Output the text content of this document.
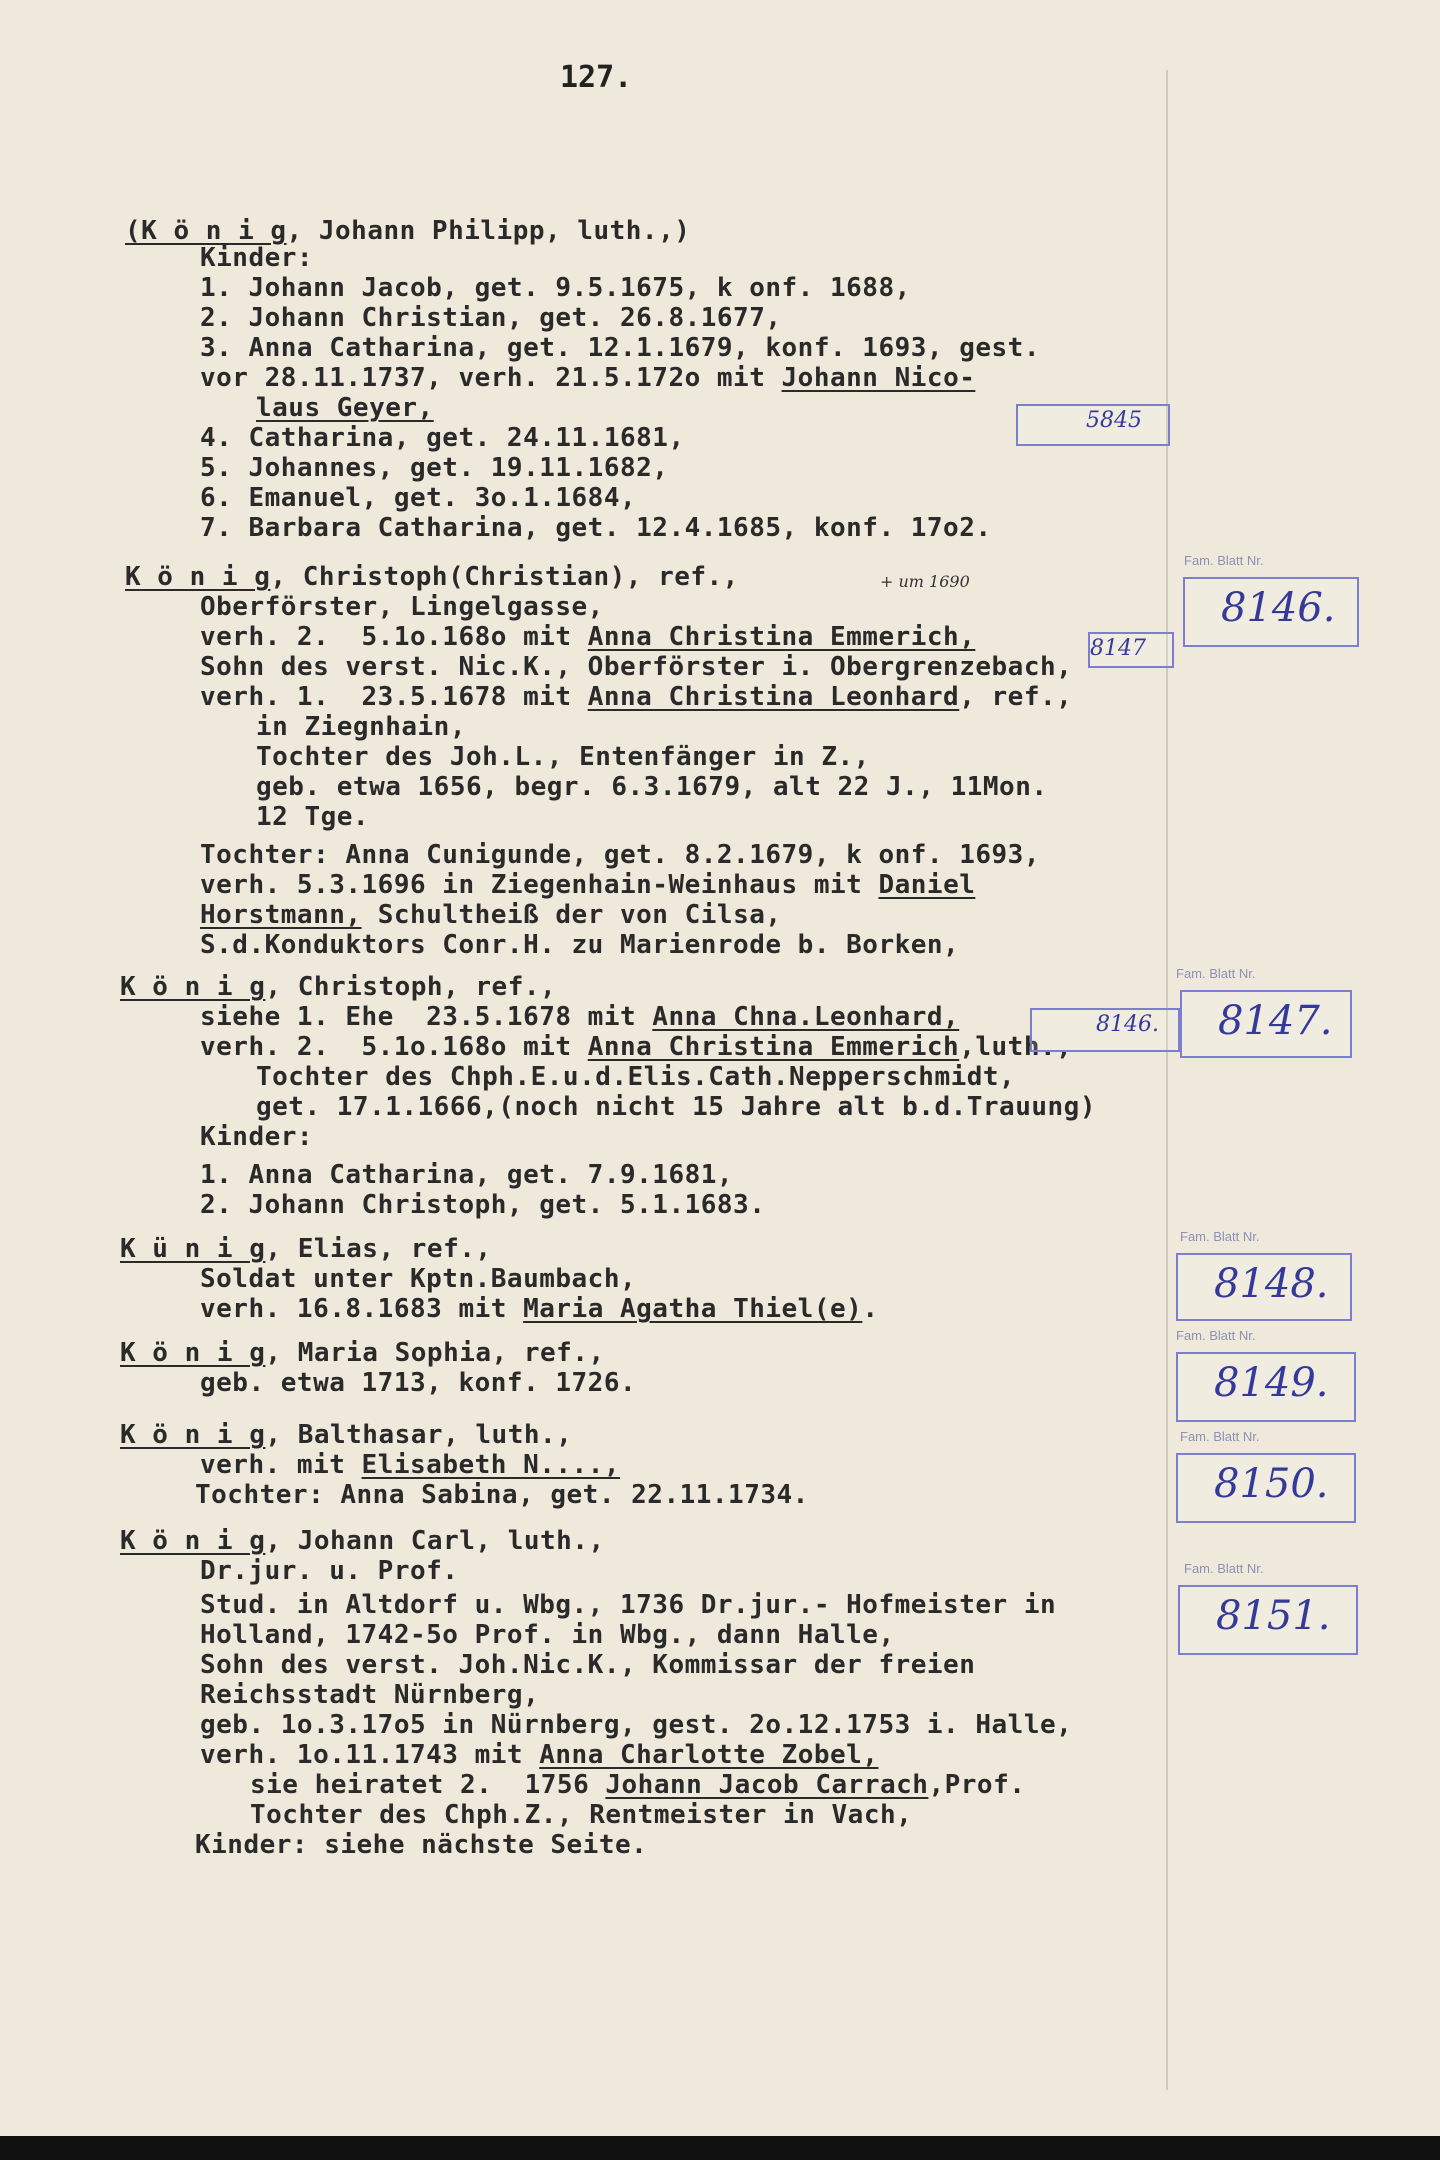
127.
(K ö n i g, Johann Philipp, luth.,)
Kinder:
1. Johann Jacob, get. 9.5.1675, k onf. 1688,
2. Johann Christian, get. 26.8.1677,
3. Anna Catharina, get. 12.1.1679, konf. 1693, gest.
vor 28.11.1737, verh. 21.5.172o mit Johann Nico-
laus Geyer,
4. Catharina, get. 24.11.1681,
5. Johannes, get. 19.11.1682,
6. Emanuel, get. 3o.1.1684,
7. Barbara Catharina, get. 12.4.1685, konf. 17o2.
K ö n i g, Christoph(Christian), ref.,
Oberförster, Lingelgasse,
verh. 2.  5.1o.168o mit Anna Christina Emmerich,
Sohn des verst. Nic.K., Oberförster i. Obergrenzebach,
verh. 1.  23.5.1678 mit Anna Christina Leonhard, ref.,
in Ziegnhain,
Tochter des Joh.L., Entenfänger in Z.,
geb. etwa 1656, begr. 6.3.1679, alt 22 J., 11Mon.
12 Tge.
Tochter: Anna Cunigunde, get. 8.2.1679, k onf. 1693,
verh. 5.3.1696 in Ziegenhain-Weinhaus mit Daniel
Horstmann, Schultheiß der von Cilsa,
S.d.Konduktors Conr.H. zu Marienrode b. Borken,
K ö n i g, Christoph, ref.,
siehe 1. Ehe  23.5.1678 mit Anna Chna.Leonhard,
verh. 2.  5.1o.168o mit Anna Christina Emmerich,luth.,
Tochter des Chph.E.u.d.Elis.Cath.Nepperschmidt,
get. 17.1.1666,(noch nicht 15 Jahre alt b.d.Trauung)
Kinder:
1. Anna Catharina, get. 7.9.1681,
2. Johann Christoph, get. 5.1.1683.
K ü n i g, Elias, ref.,
Soldat unter Kptn.Baumbach,
verh. 16.8.1683 mit Maria Agatha Thiel(e).
K ö n i g, Maria Sophia, ref.,
geb. etwa 1713, konf. 1726.
K ö n i g, Balthasar, luth.,
verh. mit Elisabeth N....,
Tochter: Anna Sabina, get. 22.11.1734.
K ö n i g, Johann Carl, luth.,
Dr.jur. u. Prof.
Stud. in Altdorf u. Wbg., 1736 Dr.jur.- Hofmeister in
Holland, 1742-5o Prof. in Wbg., dann Halle,
Sohn des verst. Joh.Nic.K., Kommissar der freien
Reichsstadt Nürnberg,
geb. 1o.3.17o5 in Nürnberg, gest. 2o.12.1753 i. Halle,
verh. 1o.11.1743 mit Anna Charlotte Zobel,
sie heiratet 2.  1756 Johann Jacob Carrach,Prof.
Tochter des Chph.Z., Rentmeister in Vach,
Kinder: siehe nächste Seite.
+ um 1690
5845
Fam. Blatt Nr.
8146.
8147
8146.
Fam. Blatt Nr.
8147.
Fam. Blatt Nr.
8148.
Fam. Blatt Nr.
8149.
Fam. Blatt Nr.
8150.
Fam. Blatt Nr.
8151.
